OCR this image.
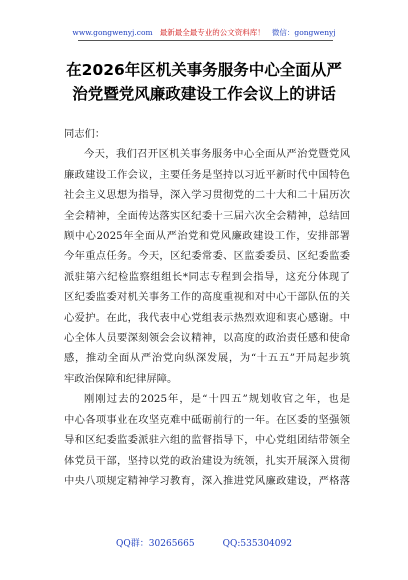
www.gongwenyj.com 最新最全最专业的公文资料库！ 微信：gongwenyj
在2026年区机关事务服务中心全面从严
治党暨党风廉政建设工作会议上的讲话
同志们：
今天，我们召开区机关事务服务中心全面从严治党暨党风
廉政建设工作会议，主要任务是坚持以习近平新时代中国特色
社会主义思想为指导，深入学习贯彻党的二十大和二十届历次
全会精神，全面传达落实区纪委十三届六次全会精神，总结回
顾中心2025年全面从严治党和党风廉政建设工作，安排部署
今年重点任务。今天，区纪委常委、区监委委员、区纪委监委
派驻第六纪检监察组组长*同志专程到会指导，这充分体现了
区纪委监委对机关事务工作的高度重视和对中心干部队伍的关
心爱护。在此，我代表中心党组表示热烈欢迎和衷心感谢。中
心全体人员要深刻领会会议精神，以高度的政治责任感和使命
感，推动全面从严治党向纵深发展，为“十五五”开局起步筑
牢政治保障和纪律屏障。
刚刚过去的2025年，是“十四五”规划收官之年，也是
中心各项事业在攻坚克难中砥砺前行的一年。在区委的坚强领
导和区纪委监委派驻六组的监督指导下，中心党组团结带领全
体党员干部，坚持以党的政治建设为统领，扎实开展深入贯彻
中央八项规定精神学习教育，深入推进党风廉政建设，严格落
QQ群：30265665	QQ:535304092
